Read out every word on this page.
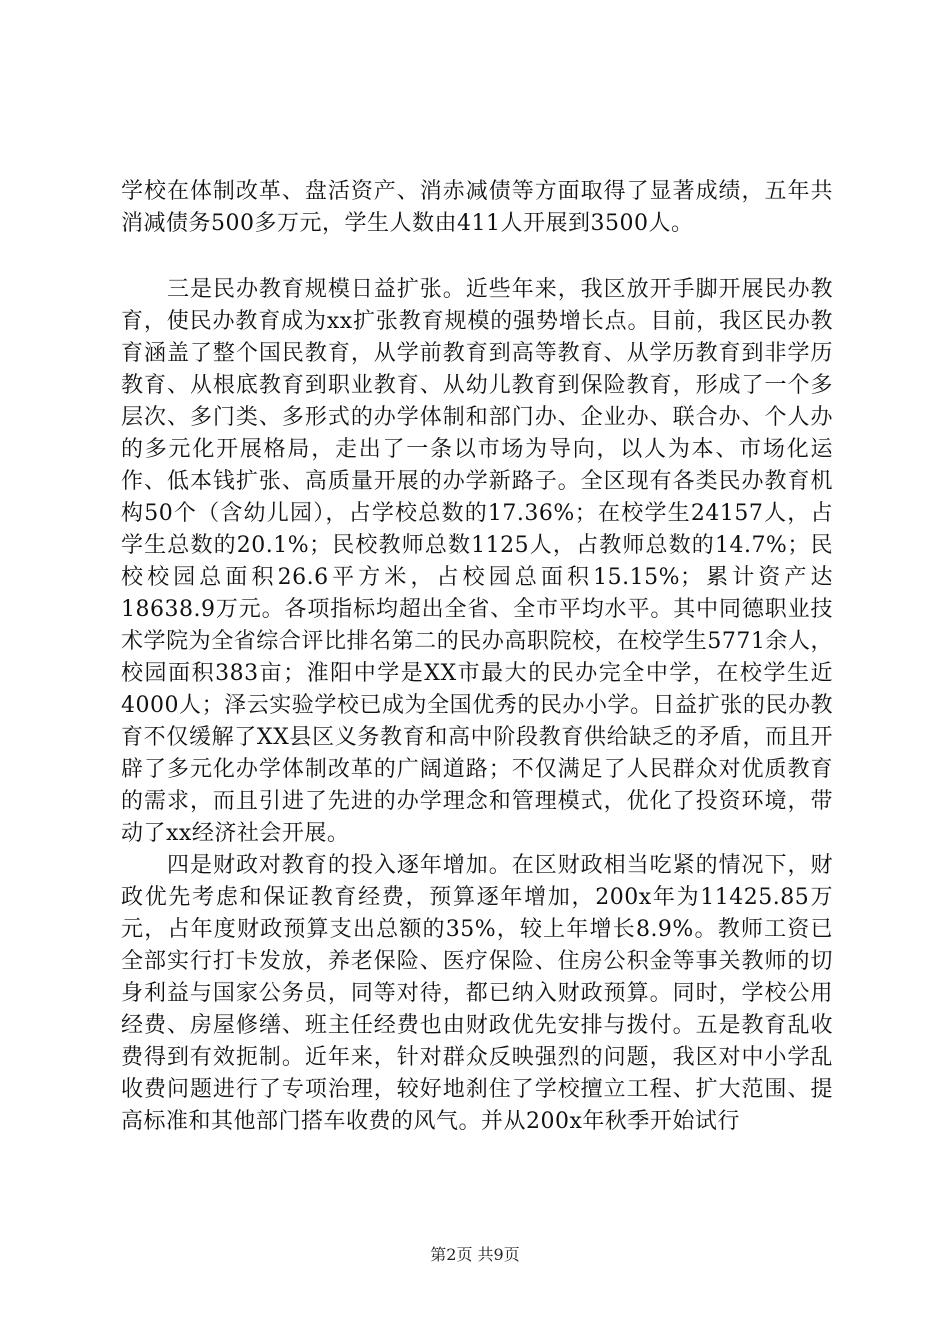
学校在体制改革、盘活资产、消赤减债等方面取得了显著成绩，五年共消减债务500多万元，学生人数由411人开展到3500人。

三是民办教育规模日益扩张。近些年来，我区放开手脚开展民办教育，使民办教育成为xx扩张教育规模的强势增长点。目前，我区民办教育涵盖了整个国民教育，从学前教育到高等教育、从学历教育到非学历教育、从根底教育到职业教育、从幼儿教育到保险教育，形成了一个多层次、多门类、多形式的办学体制和部门办、企业办、联合办、个人办的多元化开展格局，走出了一条以市场为导向，以人为本、市场化运作、低本钱扩张、高质量开展的办学新路子。全区现有各类民办教育机构50个（含幼儿园），占学校总数的17.36%；在校学生24157人，占学生总数的20.1%；民校教师总数1125人，占教师总数的14.7%；民校校园总面积26.6平方米，占校园总面积15.15%；累计资产达18638.9万元。各项指标均超出全省、全市平均水平。其中同德职业技术学院为全省综合评比排名第二的民办高职院校，在校学生5771余人，校园面积383亩；淮阳中学是XX市最大的民办完全中学，在校学生近4000人；泽云实验学校已成为全国优秀的民办小学。日益扩张的民办教育不仅缓解了XX县区义务教育和高中阶段教育供给缺乏的矛盾，而且开辟了多元化办学体制改革的广阔道路；不仅满足了人民群众对优质教育的需求，而且引进了先进的办学理念和管理模式，优化了投资环境，带动了xx经济社会开展。

四是财政对教育的投入逐年增加。在区财政相当吃紧的情况下，财政优先考虑和保证教育经费，预算逐年增加，200x年为11425.85万元，占年度财政预算支出总额的35%，较上年增长8.9%。教师工资已全部实行打卡发放，养老保险、医疗保险、住房公积金等事关教师的切身利益与国家公务员，同等对待，都已纳入财政预算。同时，学校公用经费、房屋修缮、班主任经费也由财政优先安排与拨付。五是教育乱收费得到有效扼制。近年来，针对群众反映强烈的问题，我区对中小学乱收费问题进行了专项治理，较好地刹住了学校擅立工程、扩大范围、提高标准和其他部门搭车收费的风气。并从200x年秋季开始试行

第2页 共9页
